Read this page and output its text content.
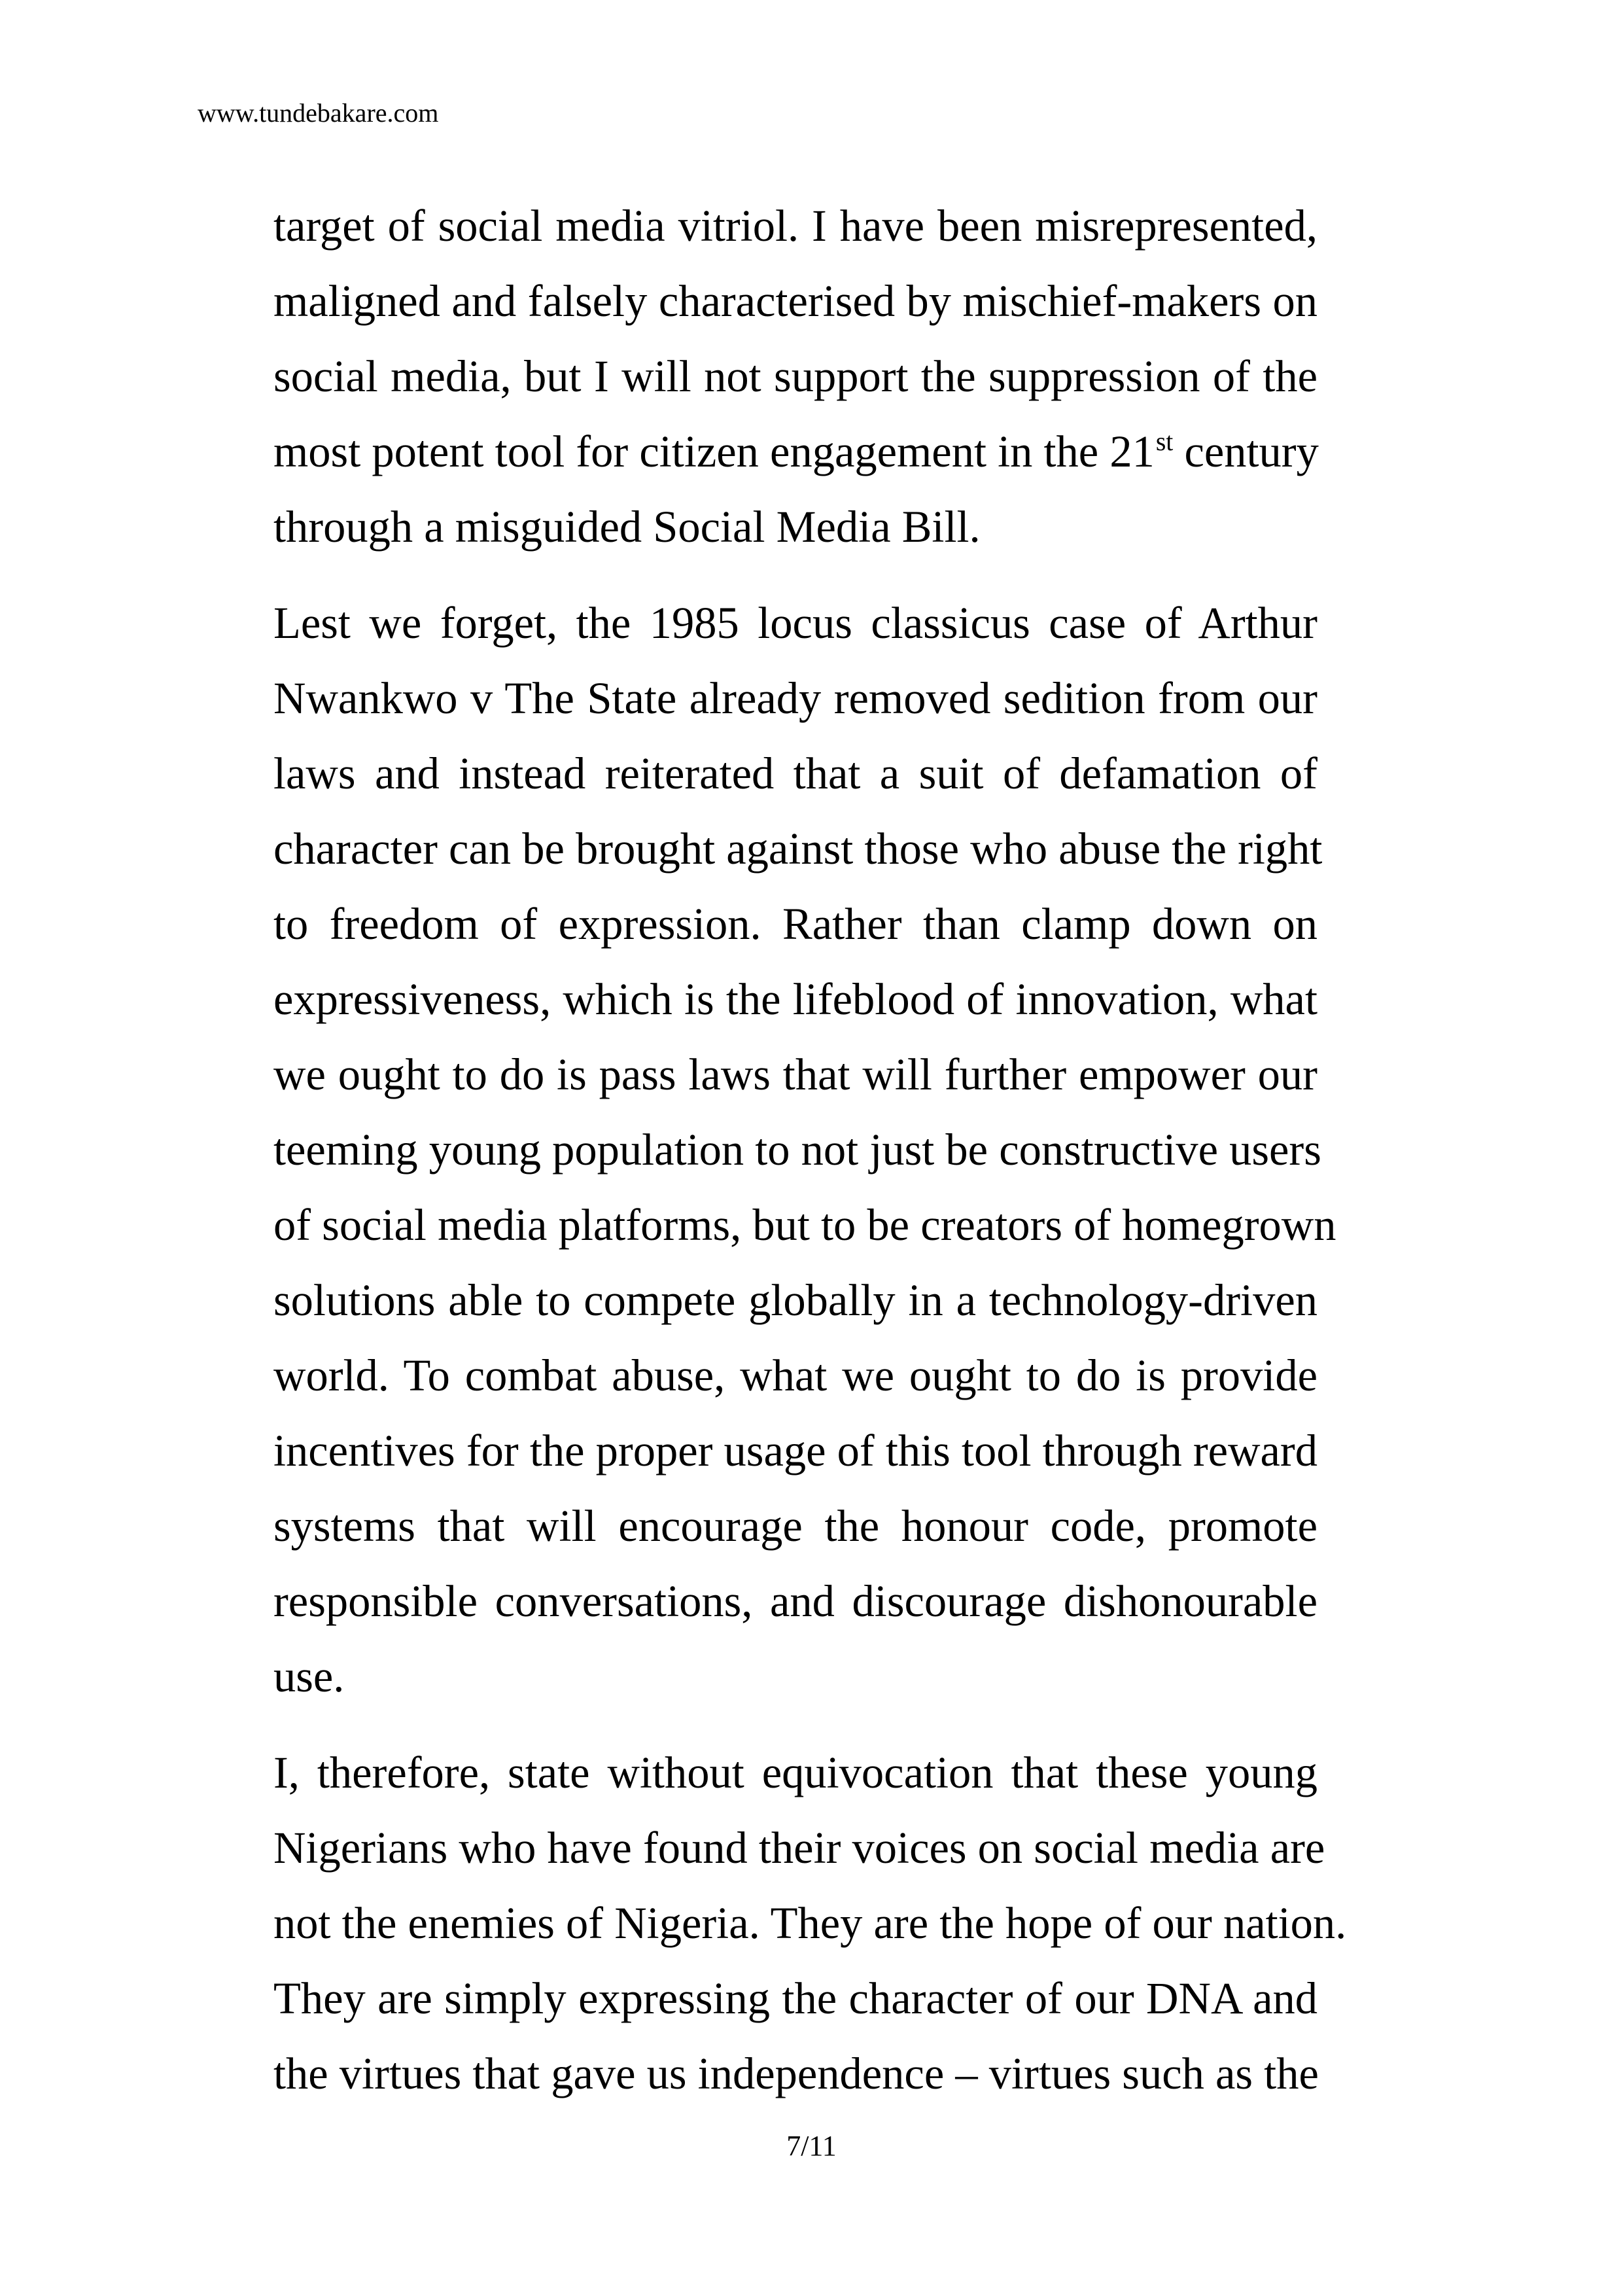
www.tundebakare.com
target of social media vitriol. I have been misrepresented,
maligned and falsely characterised by mischief-makers on
social media, but I will not support the suppression of the
most potent tool for citizen engagement in the 21st century
through a misguided Social Media Bill.
Lest we forget, the 1985 locus classicus case of Arthur
Nwankwo v The State already removed sedition from our
laws and instead reiterated that a suit of defamation of
character can be brought against those who abuse the right
to freedom of expression. Rather than clamp down on
expressiveness, which is the lifeblood of innovation, what
we ought to do is pass laws that will further empower our
teeming young population to not just be constructive users
of social media platforms, but to be creators of homegrown
solutions able to compete globally in a technology-driven
world. To combat abuse, what we ought to do is provide
incentives for the proper usage of this tool through reward
systems that will encourage the honour code, promote
responsible conversations, and discourage dishonourable
use.
I, therefore, state without equivocation that these young
Nigerians who have found their voices on social media are
not the enemies of Nigeria. They are the hope of our nation.
They are simply expressing the character of our DNA and
the virtues that gave us independence – virtues such as the
7/11
